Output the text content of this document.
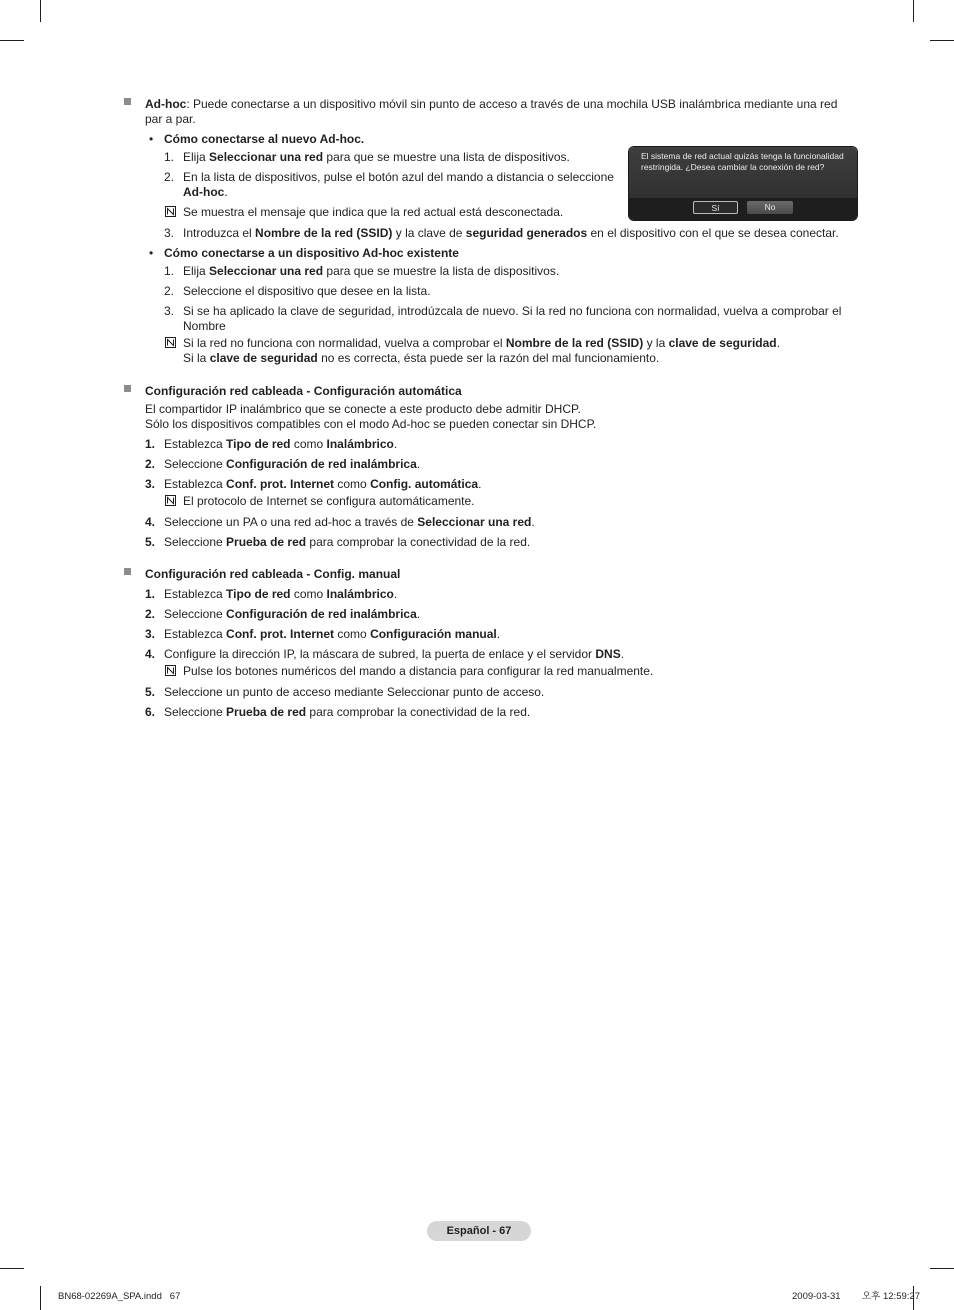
Ad-hoc: Puede conectarse a un dispositivo móvil sin punto de acceso a través de una mochila USB inalámbrica mediante una red
par a par.
• Cómo conectarse al nuevo Ad-hoc.
1. Elija Seleccionar una red para que se muestre una lista de dispositivos.
2. En la lista de dispositivos, pulse el botón azul del mando a distancia o seleccione
Ad-hoc.
Se muestra el mensaje que indica que la red actual está desconectada.
3. Introduzca el Nombre de la red (SSID) y la clave de seguridad generados en el dispositivo con el que se desea conectar.
El sistema de red actual quizás tenga la funcionalidad restringida. ¿Desea cambiar la conexión de red?
Sí	No
• Cómo conectarse a un dispositivo Ad-hoc existente
1. Elija Seleccionar una red para que se muestre la lista de dispositivos.
2. Seleccione el dispositivo que desee en la lista.
3. Si se ha aplicado la clave de seguridad, introdúzcala de nuevo. Si la red no funciona con normalidad, vuelva a comprobar el
Nombre
Si la red no funciona con normalidad, vuelva a comprobar el Nombre de la red (SSID) y la clave de seguridad.
Si la clave de seguridad no es correcta, ésta puede ser la razón del mal funcionamiento.
Configuración red cableada - Configuración automática
El compartidor IP inalámbrico que se conecte a este producto debe admitir DHCP.
Sólo los dispositivos compatibles con el modo Ad-hoc se pueden conectar sin DHCP.
1. Establezca Tipo de red como Inalámbrico.
2. Seleccione Configuración de red inalámbrica.
3. Establezca Conf. prot. Internet como Config. automática.
El protocolo de Internet se configura automáticamente.
4. Seleccione un PA o una red ad-hoc a través de Seleccionar una red.
5. Seleccione Prueba de red para comprobar la conectividad de la red.
Configuración red cableada - Config. manual
1. Establezca Tipo de red como Inalámbrico.
2. Seleccione Configuración de red inalámbrica.
3. Establezca Conf. prot. Internet como Configuración manual.
4. Configure la dirección IP, la máscara de subred, la puerta de enlace y el servidor DNS.
Pulse los botones numéricos del mando a distancia para configurar la red manualmente.
5. Seleccione un punto de acceso mediante Seleccionar punto de acceso.
6. Seleccione Prueba de red para comprobar la conectividad de la red.
Español - 67
BN68-02269A_SPA.indd   67	2009-03-31 오후 12:59:27
